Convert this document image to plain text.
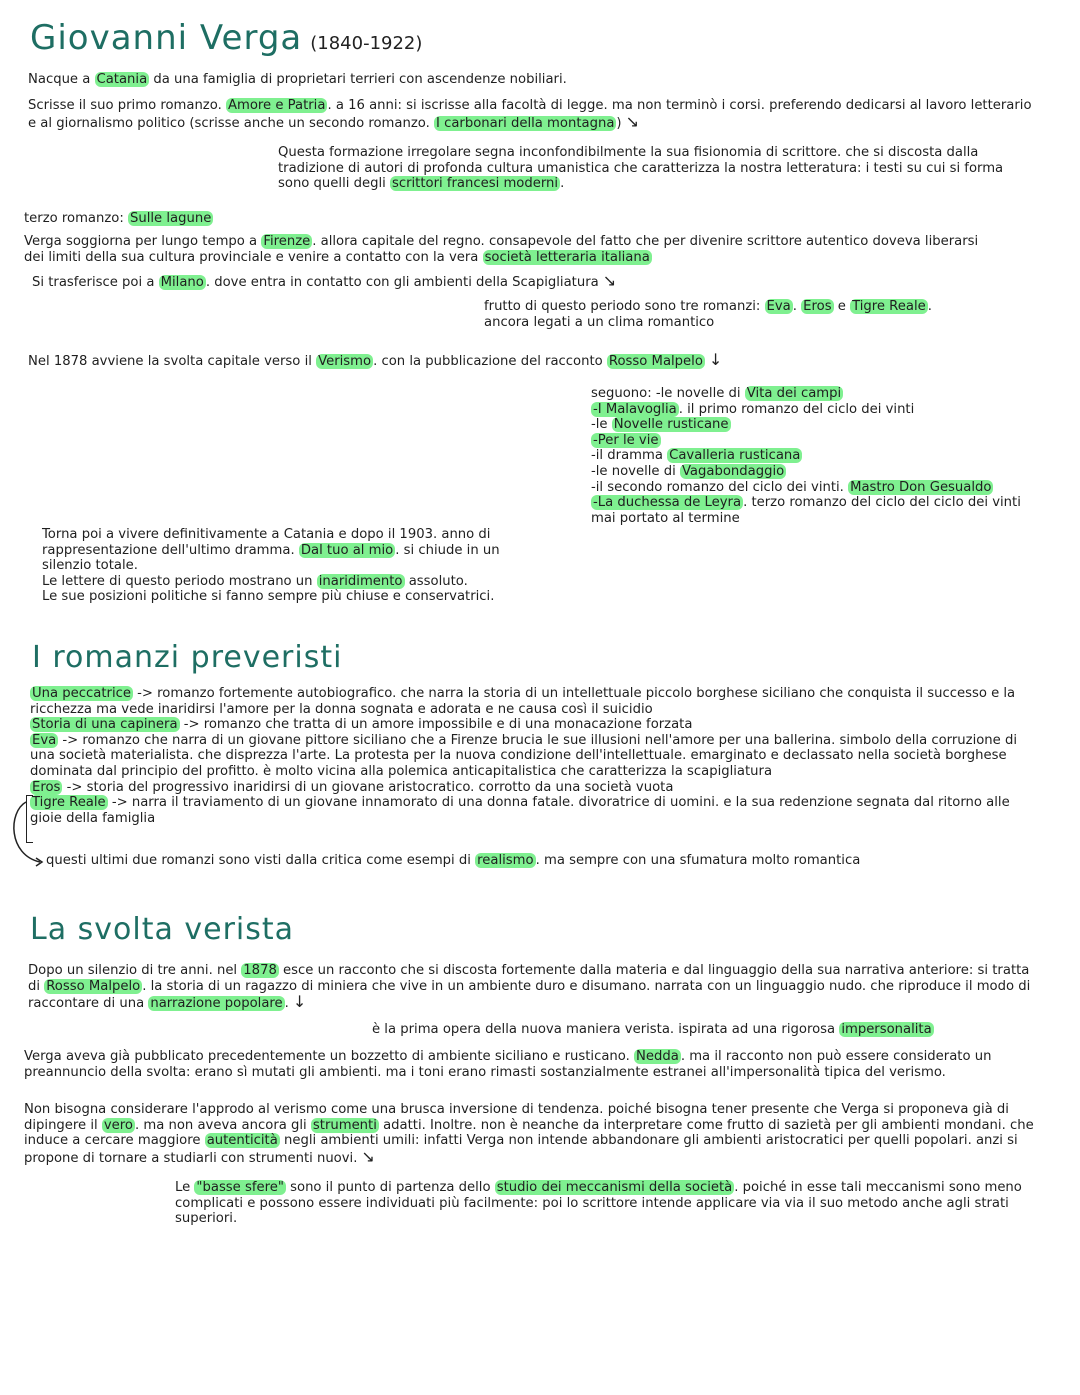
Giovanni Verga (1840-1922)

Nacque a Catania da una famiglia di proprietari terrieri con ascendenze nobiliari.

Scrisse il suo primo romanzo. Amore e Patria . a 16 anni: si iscrisse alla facoltà di legge. ma non terminò i corsi. preferendo dedicarsi al lavoro letterario e al giornalismo politico (scrisse anche un secondo romanzo. I carbonari della montagna ) ↘

Questa formazione irregolare segna inconfondibilmente la sua fisionomia di scrittore. che si discosta dalla tradizione di autori di profonda cultura umanistica che caratterizza la nostra letteratura: i testi su cui si forma sono quelli degli scrittori francesi moderni .

terzo romanzo: Sulle lagune

Verga soggiorna per lungo tempo a Firenze . allora capitale del regno. consapevole del fatto che per divenire scrittore autentico doveva liberarsi dei limiti della sua cultura provinciale e venire a contatto con la vera società letteraria italiana

Si trasferisce poi a Milano . dove entra in contatto con gli ambienti della Scapigliatura ↘

frutto di questo periodo sono tre romanzi: Eva . Eros e Tigre Reale .
ancora legati a un clima romantico

Nel 1878 avviene la svolta capitale verso il Verismo . con la pubblicazione del racconto Rosso Malpelo ↓

seguono: -le novelle di Vita dei campi
-I Malavoglia . il primo romanzo del ciclo dei vinti
-le Novelle rusticane
-Per le vie
-il dramma Cavalleria rusticana
-le novelle di Vagabondaggio
-il secondo romanzo del ciclo dei vinti. Mastro Don Gesualdo
-La duchessa de Leyra . terzo romanzo del ciclo del ciclo dei vinti mai portato al termine

Torna poi a vivere definitivamente a Catania e dopo il 1903. anno di rappresentazione dell'ultimo dramma. Dal tuo al mio . si chiude in un silenzio totale.
Le lettere di questo periodo mostrano un inaridimento assoluto.
Le sue posizioni politiche si fanno sempre più chiuse e conservatrici.

I romanzi preveristi

Una peccatrice -> romanzo fortemente autobiografico. che narra la storia di un intellettuale piccolo borghese siciliano che conquista il successo e la ricchezza ma vede inaridirsi l'amore per la donna sognata e adorata e ne causa così il suicidio

Storia di una capinera -> romanzo che tratta di un amore impossibile e di una monacazione forzata

Eva -> romanzo che narra di un giovane pittore siciliano che a Firenze brucia le sue illusioni nell'amore per una ballerina. simbolo della corruzione di una società materialista. che disprezza l'arte. La protesta per la nuova condizione dell'intellettuale. emarginato e declassato nella società borghese dominata dal principio del profitto. è molto vicina alla polemica anticapitalistica che caratterizza la scapigliatura

Eros -> storia del progressivo inaridirsi di un giovane aristocratico. corrotto da una società vuota

Tigre Reale -> narra il traviamento di un giovane innamorato di una donna fatale. divoratrice di uomini. e la sua redenzione segnata dal ritorno alle gioie della famiglia

questi ultimi due romanzi sono visti dalla critica come esempi di realismo . ma sempre con una sfumatura molto romantica

La svolta verista

Dopo un silenzio di tre anni. nel 1878 esce un racconto che si discosta fortemente dalla materia e dal linguaggio della sua narrativa anteriore: si tratta di Rosso Malpelo . la storia di un ragazzo di miniera che vive in un ambiente duro e disumano. narrata con un linguaggio nudo. che riproduce il modo di raccontare di una narrazione popolare . ↓

è la prima opera della nuova maniera verista. ispirata ad una rigorosa impersonalita

Verga aveva già pubblicato precedentemente un bozzetto di ambiente siciliano e rusticano. Nedda . ma il racconto non può essere considerato un preannuncio della svolta: erano sì mutati gli ambienti. ma i toni erano rimasti sostanzialmente estranei all'impersonalità tipica del verismo.

Non bisogna considerare l'approdo al verismo come una brusca inversione di tendenza. poiché bisogna tener presente che Verga si proponeva già di dipingere il vero . ma non aveva ancora gli strumenti adatti. Inoltre. non è neanche da interpretare come frutto di sazietà per gli ambienti mondani. che induce a cercare maggiore autenticità negli ambienti umili: infatti Verga non intende abbandonare gli ambienti aristocratici per quelli popolari. anzi si propone di tornare a studiarli con strumenti nuovi. ↘

Le "basse sfere" sono il punto di partenza dello studio dei meccanismi della società . poiché in esse tali meccanismi sono meno complicati e possono essere individuati più facilmente: poi lo scrittore intende applicare via via il suo metodo anche agli strati superiori.
